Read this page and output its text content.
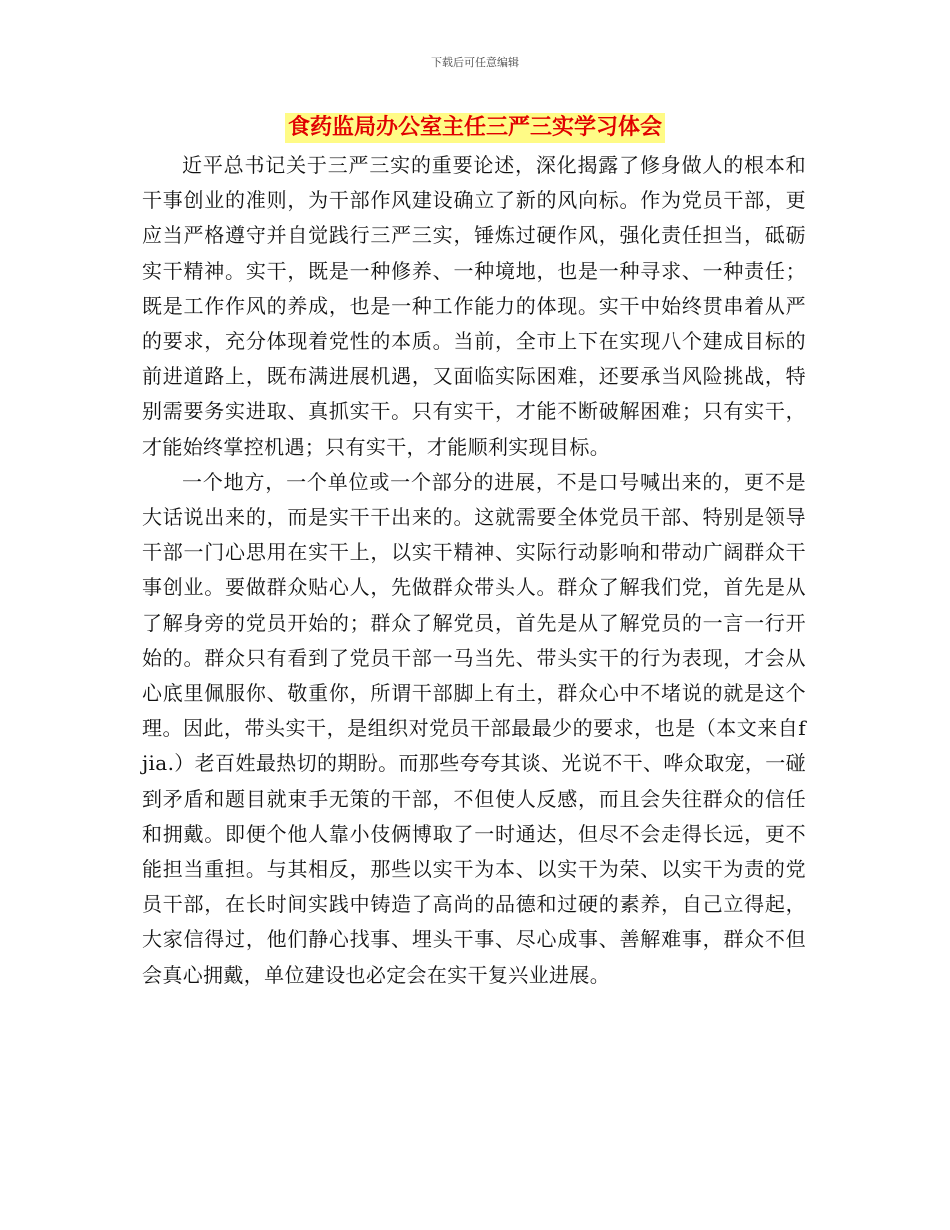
下载后可任意编辑
食药监局办公室主任三严三实学习体会

近平总书记关于三严三实的重要论述，深化揭露了修身做人的根本和干事创业的准则，为干部作风建设确立了新的风向标。作为党员干部，更应当严格遵守并自觉践行三严三实，锤炼过硬作风，强化责任担当，砥砺实干精神。实干，既是一种修养、一种境地，也是一种寻求、一种责任；既是工作作风的养成，也是一种工作能力的体现。实干中始终贯串着从严的要求，充分体现着党性的本质。当前，全市上下在实现八个建成目标的前进道路上，既布满进展机遇，又面临实际困难，还要承当风险挑战，特别需要务实进取、真抓实干。只有实干，才能不断破解困难；只有实干，才能始终掌控机遇；只有实干，才能顺利实现目标。

一个地方，一个单位或一个部分的进展，不是口号喊出来的，更不是大话说出来的，而是实干干出来的。这就需要全体党员干部、特别是领导干部一门心思用在实干上，以实干精神、实际行动影响和带动广阔群众干事创业。要做群众贴心人，先做群众带头人。群众了解我们党，首先是从了解身旁的党员开始的；群众了解党员，首先是从了解党员的一言一行开始的。群众只有看到了党员干部一马当先、带头实干的行为表现，才会从心底里佩服你、敬重你，所谓干部脚上有土，群众心中不堵说的就是这个理。因此，带头实干，是组织对党员干部最最少的要求，也是（本文来自fjia.）老百姓最热切的期盼。而那些夸夸其谈、光说不干、哗众取宠，一碰到矛盾和题目就束手无策的干部，不但使人反感，而且会失往群众的信任和拥戴。即便个他人靠小伎俩博取了一时通达，但尽不会走得长远，更不能担当重担。与其相反，那些以实干为本、以实干为荣、以实干为责的党员干部，在长时间实践中铸造了高尚的品德和过硬的素养，自己立得起，大家信得过，他们静心找事、埋头干事、尽心成事、善解难事，群众不但会真心拥戴，单位建设也必定会在实干复兴业进展。
